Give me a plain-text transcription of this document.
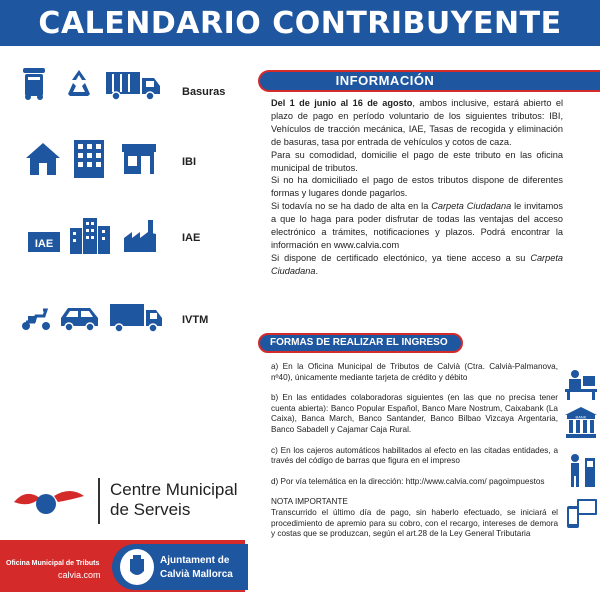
CALENDARIO CONTRIBUYENTE
Basuras
IBI
IAE	IAE
IVTM
Centre Municipal
de Serveis
Oficina Municipal de Tributs
calvia.com
Ajuntament de
Calvià Mallorca
INFORMACIÓN

Del 1 de junio al 16 de agosto, ambos inclusive, estará abierto el plazo de pago en período voluntario de los siguientes tributos: IBI, Vehículos de tracción mecánica, IAE, Tasas de recogida y eliminación de basuras, tasa por entrada de vehículos y cotos de caza.

Para su comodidad, domicilie el pago de este tributo en las oficina municipal de tributos.

Si no ha domiciliado el pago de estos tributos dispone de diferentes formas y lugares donde pagarlos.

Si todavía no se ha dado de alta en la Carpeta Ciudadana le invitamos a que lo haga para poder disfrutar de todas las ventajas del acceso electrónico a trámites, notificaciones y plazos. Podrá encontrar la información en www.calvia.com

Si dispone de certificado electónico, ya tiene acceso a su Carpeta Ciudadana.

FORMAS DE REALIZAR EL INGRESO

a) En la Oficina Municipal de Tributos de Calvià (Ctra. Calvià-Palmanova, nº40), únicamente mediante tarjeta de crédito y débito

b) En las entidades colaboradoras siguientes (en las que no precisa tener cuenta abierta): Banco Popular Español, Banco Mare Nostrum, Caixabank (La Caixa), Banca March, Banco Santander, Banco Bilbao Vizcaya Argentaria, Banco Sabadell y Cajamar Caja Rural.

c) En los cajeros automáticos habilitados al efecto en las citadas entidades, a través del código de barras que figura en el impreso

d) Por vía telemática en la dirección: http://www.calvia.com/ pagoimpuestos

NOTA IMPORTANTE
Transcurrido el último día de pago, sin haberlo efectuado, se iniciará el procedimiento de apremio para su cobro, con el recargo, intereses de demora y costas que se produzcan, según el art.28 de la Ley General Tributaria

BANK
